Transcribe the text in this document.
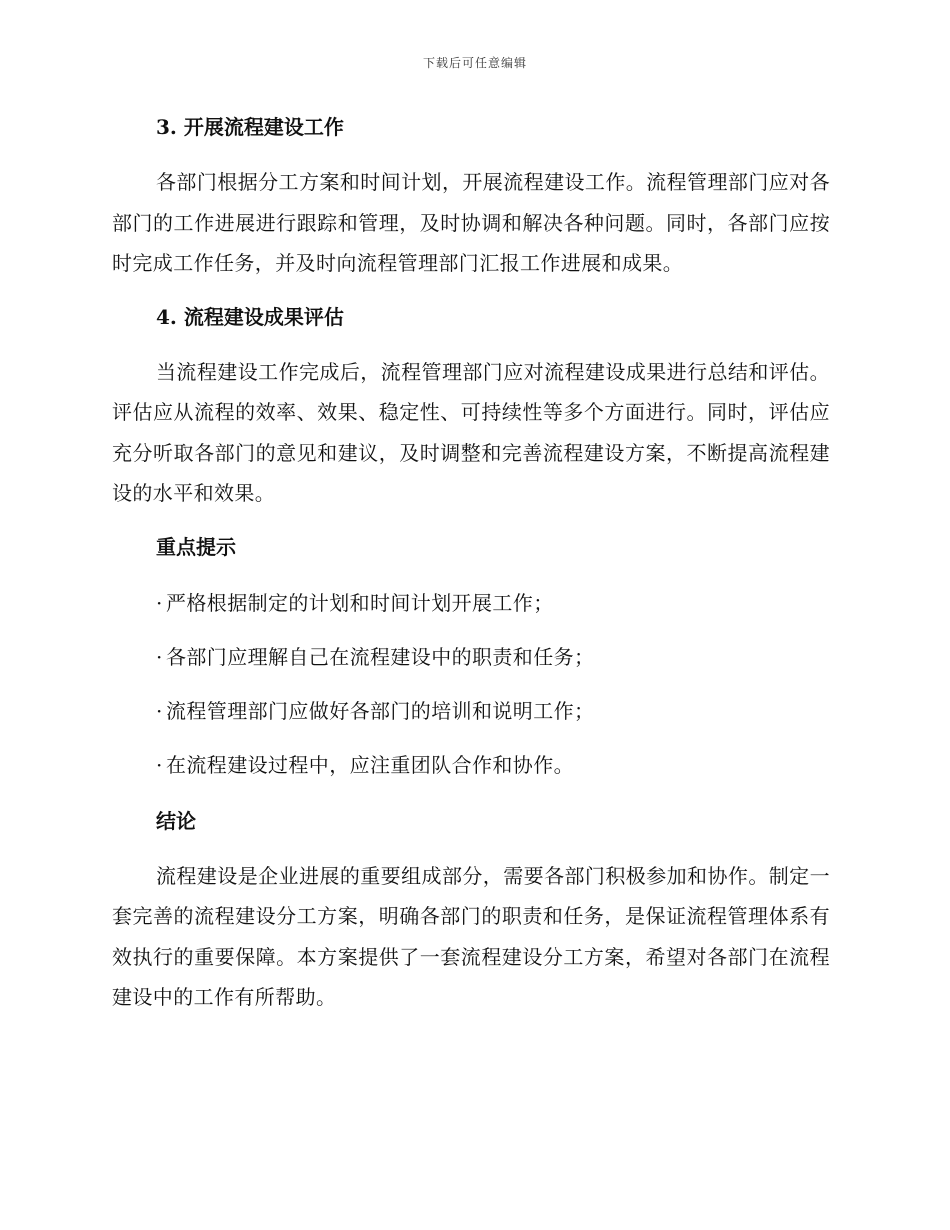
下载后可任意编辑
3. 开展流程建设工作

各部门根据分工方案和时间计划，开展流程建设工作。流程管理部门应对各部门的工作进展进行跟踪和管理，及时协调和解决各种问题。同时，各部门应按时完成工作任务，并及时向流程管理部门汇报工作进展和成果。

4. 流程建设成果评估

当流程建设工作完成后，流程管理部门应对流程建设成果进行总结和评估。评估应从流程的效率、效果、稳定性、可持续性等多个方面进行。同时，评估应充分听取各部门的意见和建议，及时调整和完善流程建设方案，不断提高流程建设的水平和效果。

重点提示
· 严格根据制定的计划和时间计划开展工作；
· 各部门应理解自己在流程建设中的职责和任务；
· 流程管理部门应做好各部门的培训和说明工作；
· 在流程建设过程中，应注重团队合作和协作。
结论

流程建设是企业进展的重要组成部分，需要各部门积极参加和协作。制定一套完善的流程建设分工方案，明确各部门的职责和任务，是保证流程管理体系有效执行的重要保障。本方案提供了一套流程建设分工方案，希望对各部门在流程建设中的工作有所帮助。
